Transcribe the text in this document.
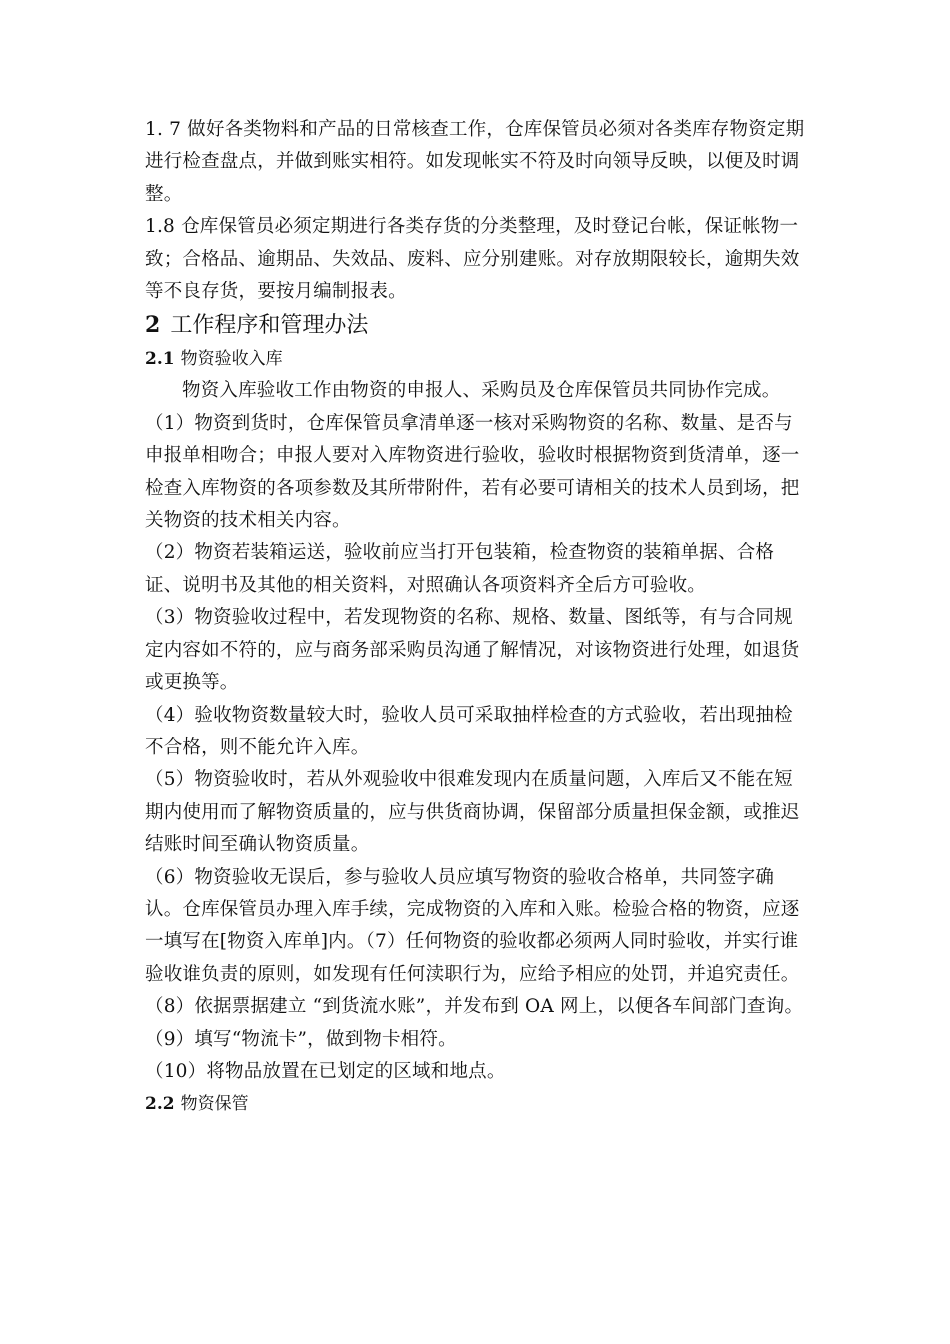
1. 7 做好各类物料和产品的日常核查工作，仓库保管员必须对各类库存物资定期进行检查盘点，并做到账实相符。如发现帐实不符及时向领导反映，以便及时调整。

1.8 仓库保管员必须定期进行各类存货的分类整理，及时登记台帐，保证帐物一致；合格品、逾期品、失效品、废料、应分别建账。对存放期限较长，逾期失效等不良存货，要按月编制报表。

2 工作程序和管理办法
2.1 物资验收入库

物资入库验收工作由物资的申报人、采购员及仓库保管员共同协作完成。

（1）物资到货时，仓库保管员拿清单逐一核对采购物资的名称、数量、是否与申报单相吻合；申报人要对入库物资进行验收，验收时根据物资到货清单，逐一检查入库物资的各项参数及其所带附件，若有必要可请相关的技术人员到场，把关物资的技术相关内容。

（2）物资若装箱运送，验收前应当打开包装箱，检查物资的装箱单据、合格证、说明书及其他的相关资料，对照确认各项资料齐全后方可验收。

（3）物资验收过程中，若发现物资的名称、规格、数量、图纸等，有与合同规定内容如不符的，应与商务部采购员沟通了解情况，对该物资进行处理，如退货或更换等。

（4）验收物资数量较大时，验收人员可采取抽样检查的方式验收，若出现抽检不合格，则不能允许入库。

（5）物资验收时，若从外观验收中很难发现内在质量问题，入库后又不能在短期内使用而了解物资质量的，应与供货商协调，保留部分质量担保金额，或推迟结账时间至确认物资质量。

（6）物资验收无误后，参与验收人员应填写物资的验收合格单，共同签字确认。仓库保管员办理入库手续，完成物资的入库和入账。检验合格的物资，应逐一填写在[物资入库单]内。（7）任何物资的验收都必须两人同时验收，并实行谁验收谁负责的原则，如发现有任何渎职行为，应给予相应的处罚，并追究责任。

（8）依据票据建立 “到货流水账”，并发布到 OA 网上，以便各车间部门查询。

（9）填写“物流卡”，做到物卡相符。

（10）将物品放置在已划定的区域和地点。

2.2 物资保管
